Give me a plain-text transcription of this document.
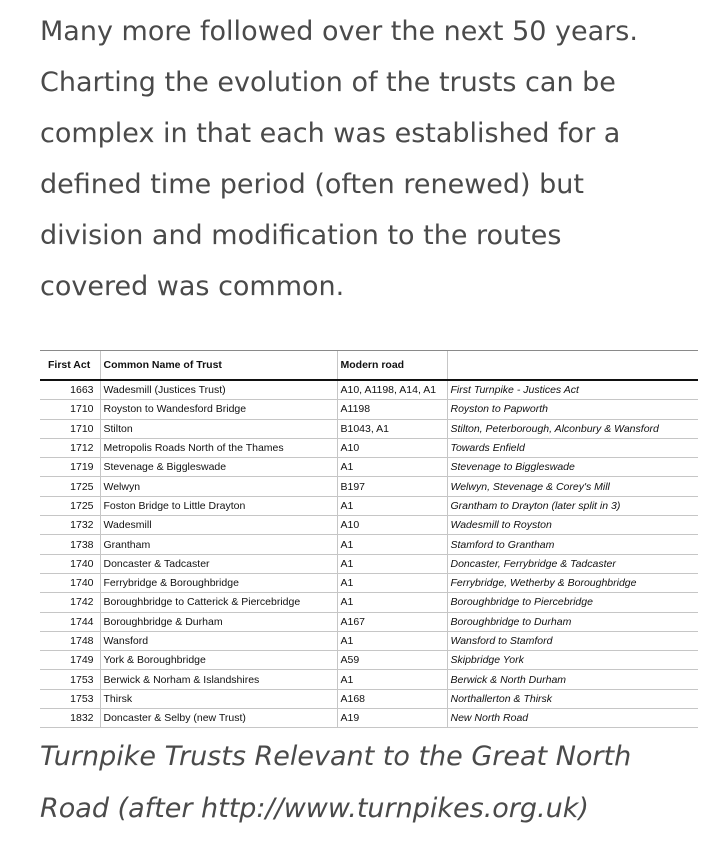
Many more followed over the next 50 years.
Charting the evolution of the trusts can be
complex in that each was established for a
defined time period (often renewed) but
division and modification to the routes
covered was common.
First Act	Common Name of Trust	Modern road	
1663	Wadesmill (Justices Trust)	A10, A1198, A14, A1	First Turnpike - Justices Act
1710	Royston to Wandesford Bridge	A1198	Royston to Papworth
1710	Stilton	B1043, A1	Stilton, Peterborough, Alconbury & Wansford
1712	Metropolis Roads North of the Thames	A10	Towards Enfield
1719	Stevenage & Biggleswade	A1	Stevenage to Biggleswade
1725	Welwyn	B197	Welwyn, Stevenage & Corey's Mill
1725	Foston Bridge to Little Drayton	A1	Grantham to Drayton (later split in 3)
1732	Wadesmill	A10	Wadesmill to Royston
1738	Grantham	A1	Stamford to Grantham
1740	Doncaster & Tadcaster	A1	Doncaster, Ferrybridge & Tadcaster
1740	Ferrybridge & Boroughbridge	A1	Ferrybridge, Wetherby & Boroughbridge
1742	Boroughbridge to Catterick & Piercebridge	A1	Boroughbridge to Piercebridge
1744	Boroughbridge & Durham	A167	Boroughbridge to Durham
1748	Wansford	A1	Wansford to Stamford
1749	York & Boroughbridge	A59	Skipbridge York
1753	Berwick & Norham & Islandshires	A1	Berwick & North Durham
1753	Thirsk	A168	Northallerton & Thirsk
1832	Doncaster & Selby (new Trust)	A19	New North Road
Turnpike Trusts Relevant to the Great North
Road (after http://www.turnpikes.org.uk)
